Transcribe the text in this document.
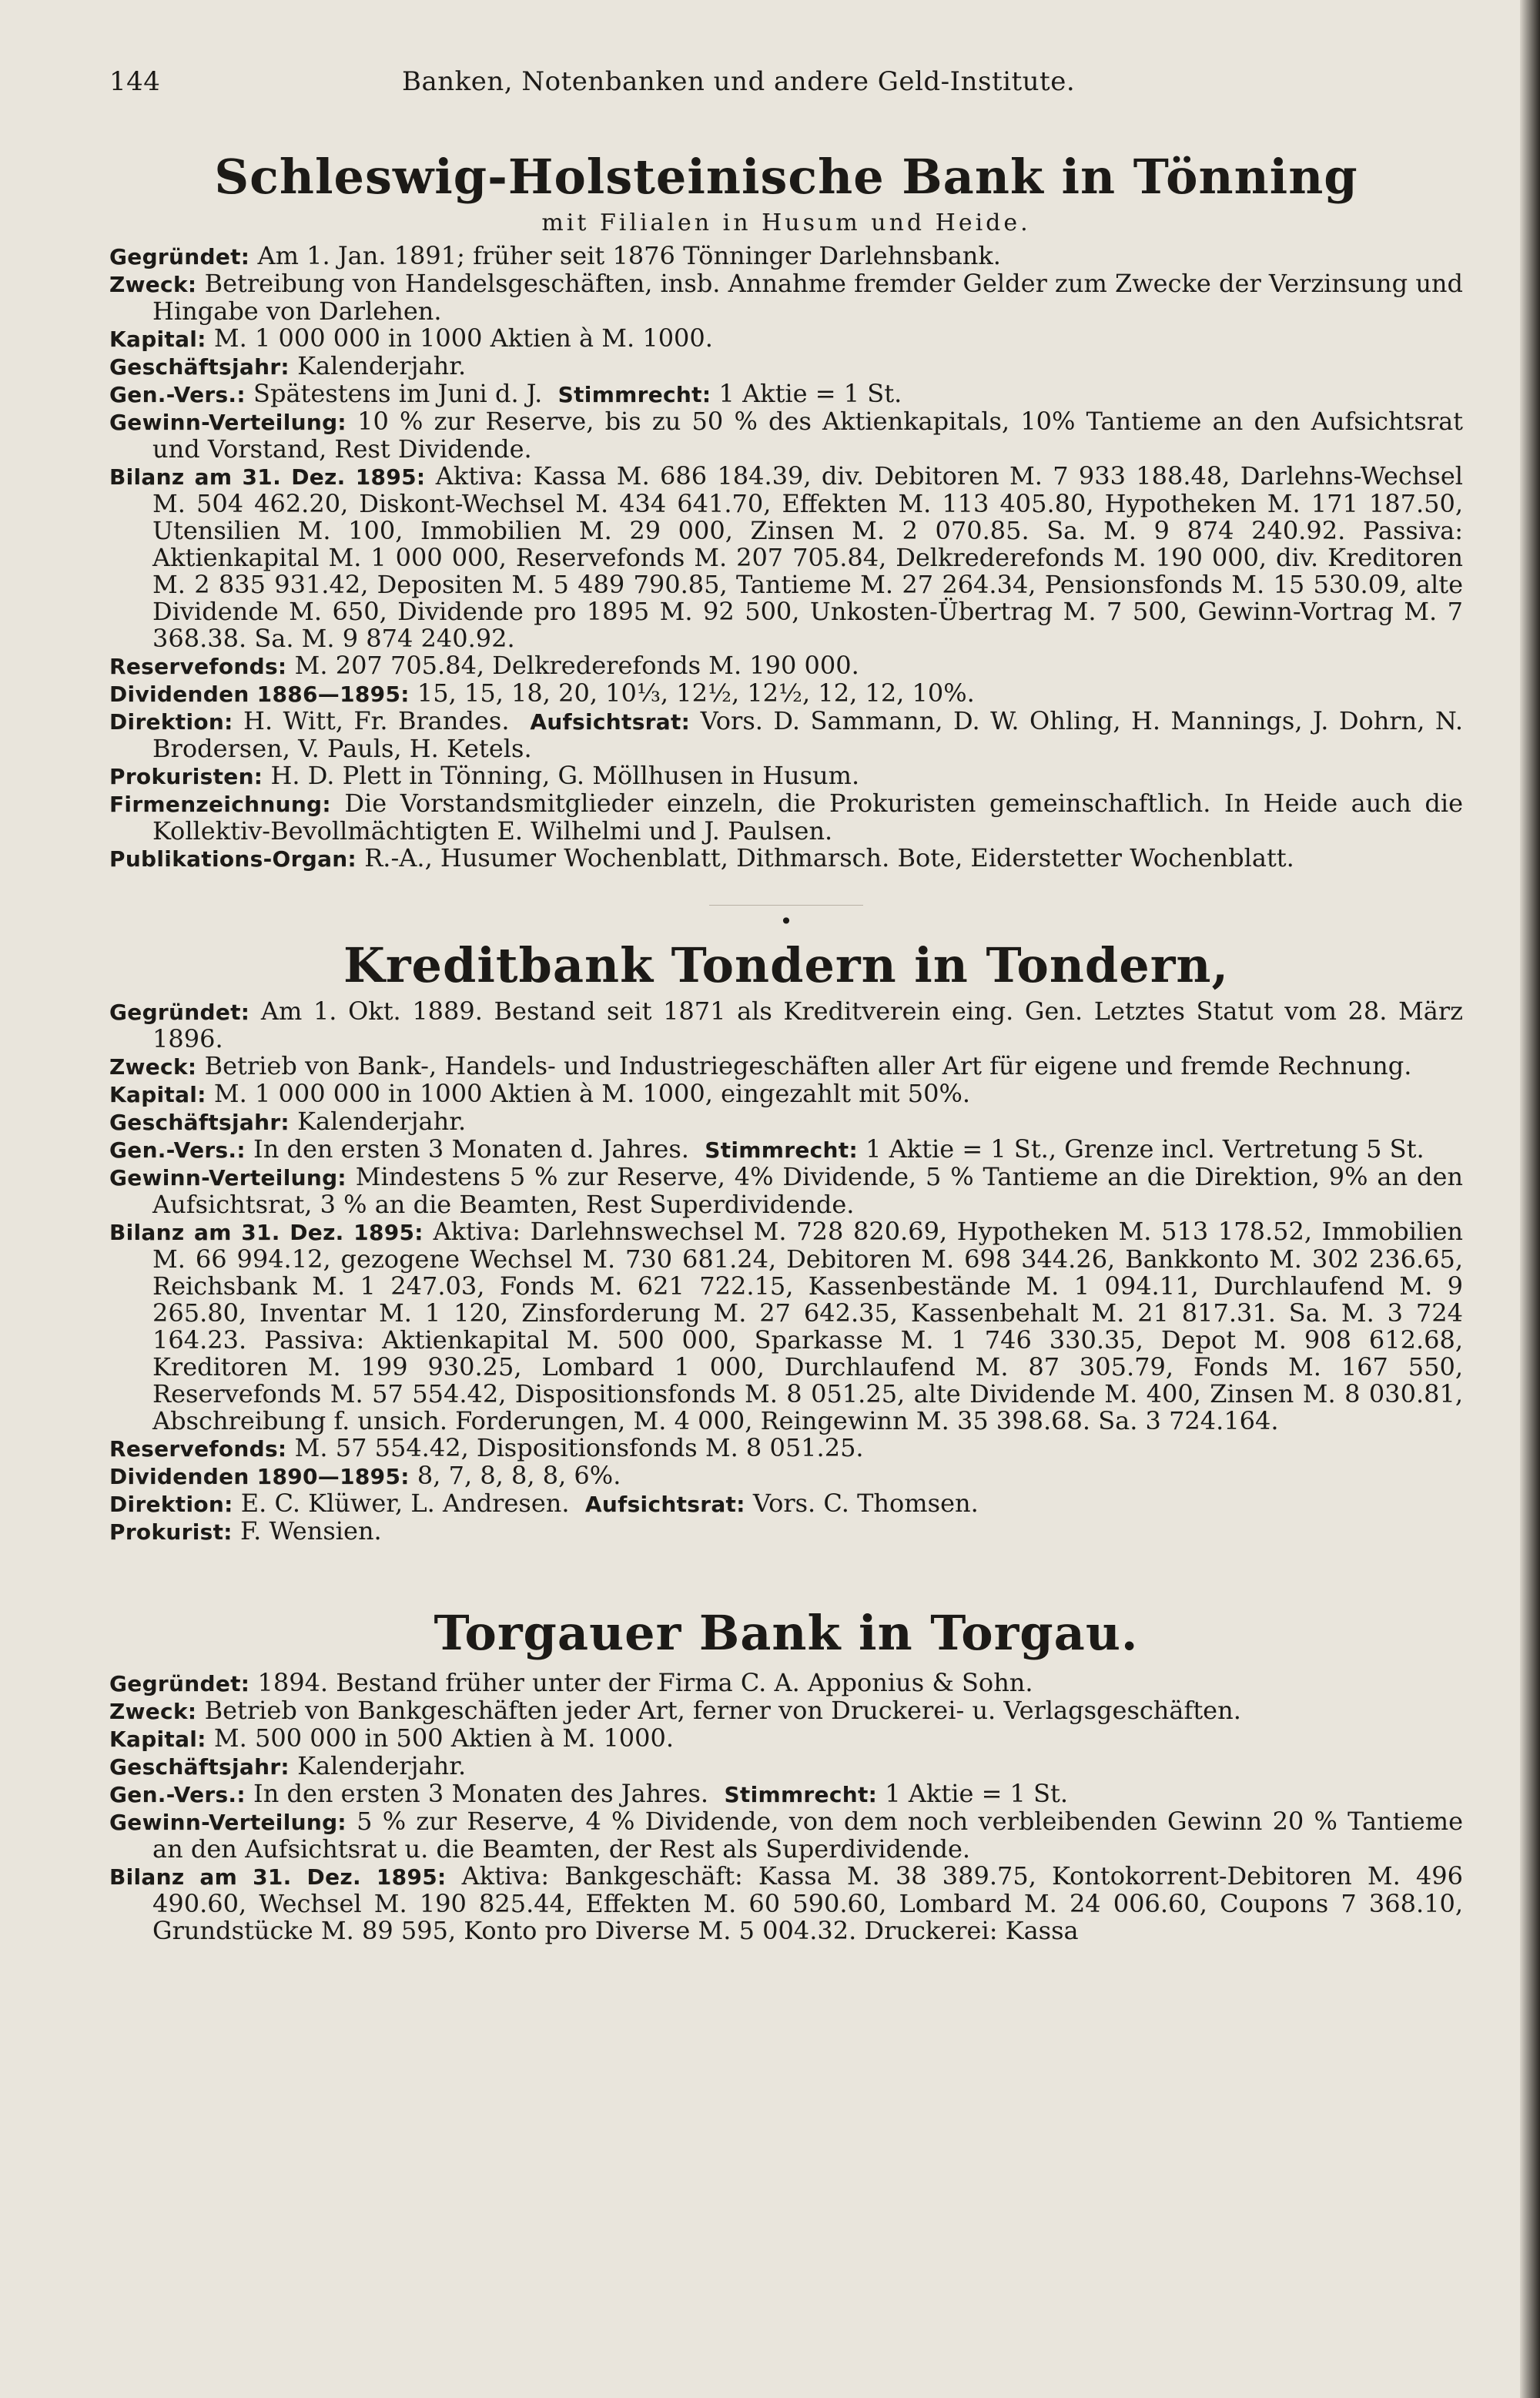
144	Banken, Notenbanken und andere Geld-Institute.
Schleswig-Holsteinische Bank in Tönning
mit Filialen in Husum und Heide.
Gegründet: Am 1. Jan. 1891; früher seit 1876 Tönninger Darlehnsbank.
Zweck: Betreibung von Handelsgeschäften, insb. Annahme fremder Gelder zum Zwecke der Verzinsung und Hingabe von Darlehen.
Kapital: M. 1 000 000 in 1000 Aktien à M. 1000.
Geschäftsjahr: Kalenderjahr.
Gen.-Vers.: Spätestens im Juni d. J. Stimmrecht: 1 Aktie = 1 St.
Gewinn-Verteilung: 10 % zur Reserve, bis zu 50 % des Aktienkapitals, 10% Tantieme an den Aufsichtsrat und Vorstand, Rest Dividende.
Bilanz am 31. Dez. 1895: Aktiva: Kassa M. 686 184.39, div. Debitoren M. 7 933 188.48, Darlehns-Wechsel M. 504 462.20, Diskont-Wechsel M. 434 641.70, Effekten M. 113 405.80, Hypotheken M. 171 187.50, Utensilien M. 100, Immobilien M. 29 000, Zinsen M. 2 070.85. Sa. M. 9 874 240.92. Passiva: Aktienkapital M. 1 000 000, Reservefonds M. 207 705.84, Delkrederefonds M. 190 000, div. Kreditoren M. 2 835 931.42, Depositen M. 5 489 790.85, Tantieme M. 27 264.34, Pensionsfonds M. 15 530.09, alte Dividende M. 650, Dividende pro 1895 M. 92 500, Unkosten-Übertrag M. 7 500, Gewinn-Vortrag M. 7 368.38. Sa. M. 9 874 240.92.
Reservefonds: M. 207 705.84, Delkrederefonds M. 190 000.
Dividenden 1886—1895: 15, 15, 18, 20, 10⅓, 12½, 12½, 12, 12, 10%.
Direktion: H. Witt, Fr. Brandes. Aufsichtsrat: Vors. D. Sammann, D. W. Ohling, H. Mannings, J. Dohrn, N. Brodersen, V. Pauls, H. Ketels.
Prokuristen: H. D. Plett in Tönning, G. Möllhusen in Husum.
Firmenzeichnung: Die Vorstandsmitglieder einzeln, die Prokuristen gemeinschaftlich. In Heide auch die Kollektiv-Bevollmächtigten E. Wilhelmi und J. Paulsen.
Publikations-Organ: R.-A., Husumer Wochenblatt, Dithmarsch. Bote, Eiderstetter Wochenblatt.
•
Kreditbank Tondern in Tondern,
Gegründet: Am 1. Okt. 1889. Bestand seit 1871 als Kreditverein eing. Gen. Letztes Statut vom 28. März 1896.
Zweck: Betrieb von Bank-, Handels- und Industriegeschäften aller Art für eigene und fremde Rechnung.
Kapital: M. 1 000 000 in 1000 Aktien à M. 1000, eingezahlt mit 50%.
Geschäftsjahr: Kalenderjahr.
Gen.-Vers.: In den ersten 3 Monaten d. Jahres. Stimmrecht: 1 Aktie = 1 St., Grenze incl. Vertretung 5 St.
Gewinn-Verteilung: Mindestens 5 % zur Reserve, 4% Dividende, 5 % Tantieme an die Direktion, 9% an den Aufsichtsrat, 3 % an die Beamten, Rest Superdividende.
Bilanz am 31. Dez. 1895: Aktiva: Darlehnswechsel M. 728 820.69, Hypotheken M. 513 178.52, Immobilien M. 66 994.12, gezogene Wechsel M. 730 681.24, Debitoren M. 698 344.26, Bankkonto M. 302 236.65, Reichsbank M. 1 247.03, Fonds M. 621 722.15, Kassenbestände M. 1 094.11, Durchlaufend M. 9 265.80, Inventar M. 1 120, Zinsforderung M. 27 642.35, Kassenbehalt M. 21 817.31. Sa. M. 3 724 164.23. Passiva: Aktienkapital M. 500 000, Sparkasse M. 1 746 330.35, Depot M. 908 612.68, Kreditoren M. 199 930.25, Lombard 1 000, Durchlaufend M. 87 305.79, Fonds M. 167 550, Reservefonds M. 57 554.42, Dispositionsfonds M. 8 051.25, alte Dividende M. 400, Zinsen M. 8 030.81, Abschreibung f. unsich. Forderungen, M. 4 000, Reingewinn M. 35 398.68. Sa. 3 724.164.
Reservefonds: M. 57 554.42, Dispositionsfonds M. 8 051.25.
Dividenden 1890—1895: 8, 7, 8, 8, 8, 6%.
Direktion: E. C. Klüwer, L. Andresen. Aufsichtsrat: Vors. C. Thomsen.
Prokurist: F. Wensien.
Torgauer Bank in Torgau.
Gegründet: 1894. Bestand früher unter der Firma C. A. Apponius & Sohn.
Zweck: Betrieb von Bankgeschäften jeder Art, ferner von Druckerei- u. Verlagsgeschäften.
Kapital: M. 500 000 in 500 Aktien à M. 1000.
Geschäftsjahr: Kalenderjahr.
Gen.-Vers.: In den ersten 3 Monaten des Jahres. Stimmrecht: 1 Aktie = 1 St.
Gewinn-Verteilung: 5 % zur Reserve, 4 % Dividende, von dem noch verbleibenden Gewinn 20 % Tantieme an den Aufsichtsrat u. die Beamten, der Rest als Superdividende.
Bilanz am 31. Dez. 1895: Aktiva: Bankgeschäft: Kassa M. 38 389.75, Kontokorrent-Debitoren M. 496 490.60, Wechsel M. 190 825.44, Effekten M. 60 590.60, Lombard M. 24 006.60, Coupons 7 368.10, Grundstücke M. 89 595, Konto pro Diverse M. 5 004.32. Druckerei: Kassa
